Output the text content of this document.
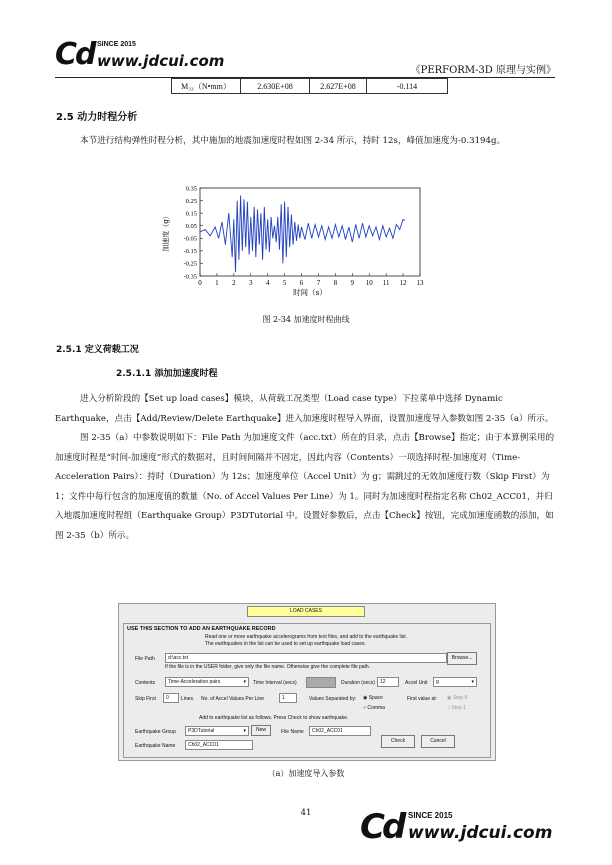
C
d SINCE 2015
www.jdcui.com
《PERFORM-3D 原理与实例》
M₃₃（N•mm）	2.630E+08	2.627E+08	-0.114
2.5 动力时程分析

本节进行结构弹性时程分析，其中施加的地震加速度时程如图 2-34 所示，持时 12s，峰值加速度为-0.3194g。

0 1 2 3 4 5 6 7 8 9 10 11 12 13
0.35
0.25
0.15
0.05
-0.05
-0.15
-0.25
-0.35
时间（s）
加速度（g）
图 2-34 加速度时程曲线
2.5.1 定义荷载工况
2.5.1.1 添加加速度时程

进入分析阶段的【Set up load cases】模块，从荷载工况类型（Load case type）下拉菜单中选择 Dynamic Earthquake，点击【Add/Review/Delete Earthquake】进入加速度时程导入界面，设置加速度导入参数如图 2-35（a）所示。

图 2-35（a）中参数说明如下：File Path 为加速度文件（acc.txt）所在的目录，点击【Browse】指定；由于本算例采用的加速度时程是“时间-加速度”形式的数据对，且时间间隔并不固定，因此内容（Contents）一项选择时程-加速度对（Time-Acceleration Pairs）：持时（Duration）为 12s；加速度单位（Accel Unit）为 g；需跳过的无效加速度行数（Skip First）为 1；文件中每行包含的加速度值的数量（No. of Accel Values Per Line）为 1。同时为加速度时程指定名称 Ch02_ACC01，并归入地震加速度时程组（Earthquake Group）P3DTutorial 中。设置好参数后，点击【Check】按钮，完成加速度函数的添加，如图 2-35（b）所示。

LOAD CASES
USE THIS SECTION TO ADD AN EARTHQUAKE RECORD
Read one or more earthquake accelerograms from text files, and add to the earthquake list.
The earthquakes in the list can be used to set up earthquake load cases.
File Path	d:\acc.txt	Browse...
If the file is in the USER folder, give only the file name. Otherwise give the complete file path.
Contents	Time-Acceleration pairs	▾ Time Interval (secs)	Duration (secs)	12	Accel Unit	g	▾
Skip First	0	Lines. No. of Accel Values Per Line	1	Values Separated by: ◉ Space
○ Comma
First value at: ◉ Step 0
○ Step 1
Add to earthquake list as follows. Press Check to show earthquake.
Earthquake Group	P3DTutorial	▾	New	File Name	Ch02_ACC01
Earthquake Name	Ch02_ACC01
Check	Cancel
（a）加速度导入参数
41	C
d SINCE 2015
www.jdcui.com
